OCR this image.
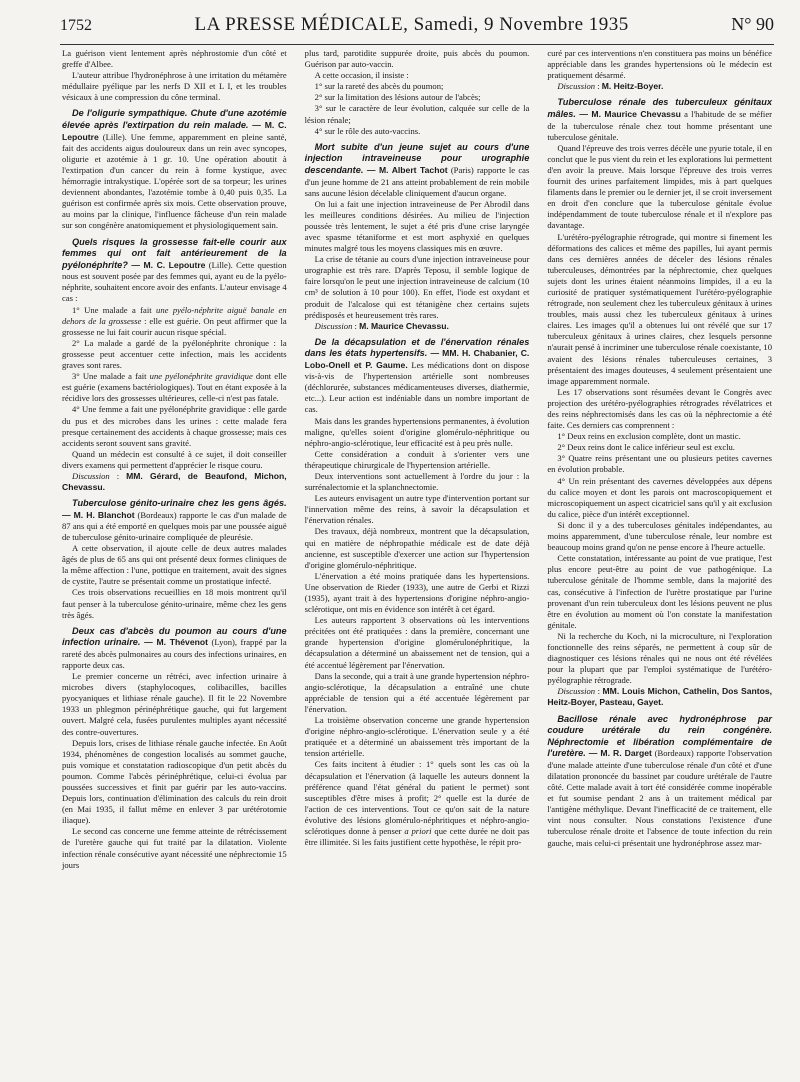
1752	LA PRESSE MÉDICALE, Samedi, 9 Novembre 1935	N° 90

La guérison vient lentement après néphrostomie d'un côté et greffe d'Albee.

L'auteur attribue l'hydronéphrose à une irritation du métamère médullaire pyélique par les nerfs D XII et L I, et les troubles vésicaux à une compression du cône terminal.

De l'oligurie sympathique. Chute d'une azotémie élevée après l'extirpation du rein malade. — M. C. Lepoutre (Lille). Une femme, apparemment en pleine santé, fait des accidents aigus douloureux dans un rein avec syncopes, oligurie et azotémie à 1 gr. 10. Une opération aboutit à l'extirpation d'un cancer du rein à forme kystique, avec hémorragie intrakystique. L'opérée sort de sa torpeur; les urines deviennent abondantes, l'azotémie tombe à 0,40 puis 0,35. La guérison est confirmée après six mois. Cette observation prouve, au moins par la clinique, l'influence fâcheuse d'un rein malade sur son congénère anatomiquement et physiologiquement sain.

Quels risques la grossesse fait-elle courir aux femmes qui ont fait antérieurement de la pyélonéphrite? — M. C. Lepoutre (Lille). Cette question nous est souvent posée par des femmes qui, ayant eu de la pyélo-néphrite, souhaitent encore avoir des enfants. L'auteur envisage 4 cas :

1° Une malade a fait une pyélo-néphrite aiguë banale en dehors de la grossesse : elle est guérie. On peut affirmer que la grossesse ne lui fait courir aucun risque spécial.

2° La malade a gardé de la pyélonéphrite chronique : la grossesse peut accentuer cette infection, mais les accidents graves sont rares.

3° Une malade a fait une pyélonéphrite gravidique dont elle est guérie (examens bactériologiques). Tout en étant exposée à la récidive lors des grossesses ultérieures, celle-ci n'est pas fatale.

4° Une femme a fait une pyélonéphrite gravidique : elle garde du pus et des microbes dans les urines : cette malade fera presque certainement des accidents à chaque grossesse; mais ces accidents seront souvent sans gravité.

Quand un médecin est consulté à ce sujet, il doit conseiller divers examens qui permettent d'apprécier le risque couru.

Discussion : MM. Gérard, de Beaufond, Michon, Chevassu.

Tuberculose génito-urinaire chez les gens âgés. — M. H. Blanchot (Bordeaux) rapporte le cas d'un malade de 87 ans qui a été emporté en quelques mois par une poussée aiguë de tuberculose génito-urinaire compliquée de pleurésie.

A cette observation, il ajoute celle de deux autres malades âgés de plus de 65 ans qui ont présenté deux formes cliniques de la même affection : l'une, pottique en traitement, avait des signes de cystite, l'autre se présentait comme un prostatique infecté.

Ces trois observations recueillies en 18 mois montrent qu'il faut penser à la tuberculose génito-urinaire, même chez les gens très âgés.

Deux cas d'abcès du poumon au cours d'une infection urinaire. — M. Thévenot (Lyon), frappé par la rareté des abcès pulmonaires au cours des infections urinaires, en rapporte deux cas.

Le premier concerne un rétréci, avec infection urinaire à microbes divers (staphylocoques, colibacilles, bacilles pyocyaniques et lithiase rénale gauche). Il fit le 22 Novembre 1933 un phlegmon périnéphrétique gauche, qui fut largement ouvert. Malgré cela, fusées purulentes multiples ayant nécessité des contre-ouvertures.

Depuis lors, crises de lithiase rénale gauche infectée. En Août 1934, phénomènes de congestion localisés au sommet gauche, puis vomique et constatation radioscopique d'un petit abcès du poumon. Comme l'abcès périnéphrétique, celui-ci évolua par poussées successives et finit par guérir par les auto-vaccins. Depuis lors, continuation d'élimination des calculs du rein droit (en Mai 1935, il fallut même en enlever 3 par urétérotomie iliaque).

Le second cas concerne une femme atteinte de rétrécissement de l'uretère gauche qui fut traité par la dilatation. Violente infection rénale consécutive ayant nécessité une néphrectomie 15 jours

plus tard, parotidite suppurée droite, puis abcès du poumon. Guérison par auto-vaccin.

A cette occasion, il insiste :

1° sur la rareté des abcès du poumon;

2° sur la limitation des lésions autour de l'abcès;

3° sur le caractère de leur évolution, calquée sur celle de la lésion rénale;

4° sur le rôle des auto-vaccins.

Mort subite d'un jeune sujet au cours d'une injection intraveineuse pour urographie descendante. — M. Albert Tachot (Paris) rapporte le cas d'un jeune homme de 21 ans atteint probablement de rein mobile sans aucune lésion décelable cliniquement d'aucun organe.

On lui a fait une injection intraveineuse de Per Abrodil dans les meilleures conditions désirées. Au milieu de l'injection poussée très lentement, le sujet a été pris d'une crise laryngée avec spasme tétaniforme et est mort asphyxié en quelques minutes malgré tous les moyens classiques mis en œuvre.

La crise de tétanie au cours d'une injection intraveineuse pour urographie est très rare. D'après Teposu, il semble logique de faire lorsqu'on le peut une injection intraveineuse de calcium (10 cm³ de solution à 10 pour 100). En effet, l'iode est oxydant et produit de l'alcalose qui est tétanigène chez certains sujets prédisposés et heureusement très rares.

Discussion : M. Maurice Chevassu.

De la décapsulation et de l'énervation rénales dans les états hypertensifs. — MM. H. Chabanier, C. Lobo-Onell et P. Gaume. Les médications dont on dispose vis-à-vis de l'hypertension artérielle sont nombreuses (déchlorurée, substances médicamenteuses diverses, diathermie, etc...). Leur action est indéniable dans un nombre important de cas.

Mais dans les grandes hypertensions permanentes, à évolution maligne, qu'elles soient d'origine glomérulo-néphritique ou néphro-angio-sclérotique, leur efficacité est à peu près nulle.

Cette considération a conduit à s'orienter vers une thérapeutique chirurgicale de l'hypertension artérielle.

Deux interventions sont actuellement à l'ordre du jour : la surrénalectomie et la splanchnectomie.

Les auteurs envisagent un autre type d'intervention portant sur l'innervation même des reins, à savoir la décapsulation et l'énervation rénales.

Des travaux, déjà nombreux, montrent que la décapsulation, qui en matière de néphropathie médicale est de date déjà ancienne, est susceptible d'exercer une action sur l'hypertension d'origine glomérulo-néphritique.

L'énervation a été moins pratiquée dans les hypertensions. Une observation de Rieder (1933), une autre de Gerbi et Rizzi (1935), ayant trait à des hypertensions d'origine néphro-angio-sclérotique, ont mis en évidence son intérêt à cet égard.

Les auteurs rapportent 3 observations où les interventions précitées ont été pratiquées : dans la première, concernant une grande hypertension d'origine glomérulonéphritique, la décapsulation a déterminé un abaissement net de tension, qui a été accentué légèrement par l'énervation.

Dans la seconde, qui a trait à une grande hypertension néphro-angio-sclérotique, la décapsulation a entraîné une chute appréciable de tension qui a été accentuée légèrement par l'énervation.

La troisième observation concerne une grande hypertension d'origine néphro-angio-sclérotique. L'énervation seule y a été pratiquée et a déterminé un abaissement très important de la tension artérielle.

Ces faits incitent à étudier : 1° quels sont les cas où la décapsulation et l'énervation (à laquelle les auteurs donnent la préférence quand l'état général du patient le permet) sont susceptibles d'être mises à profit; 2° quelle est la durée de l'action de ces interventions. Tout ce qu'on sait de la nature évolutive des lésions glomérulo-néphritiques et néphro-angio-sclérotiques donne à penser a priori que cette durée ne doit pas être illimitée. Si les faits justifient cette hypothèse, le répit pro-

curé par ces interventions n'en constituera pas moins un bénéfice appréciable dans les grandes hypertensions où le médecin est pratiquement désarmé.

Discussion : M. Heitz-Boyer.

Tuberculose rénale des tuberculeux génitaux mâles. — M. Maurice Chevassu a l'habitude de se méfier de la tuberculose rénale chez tout homme présentant une tuberculose génitale.

Quand l'épreuve des trois verres décèle une pyurie totale, il en conclut que le pus vient du rein et les explorations lui permettent d'en avoir la preuve. Mais lorsque l'épreuve des trois verres fournit des urines parfaitement limpides, mis à part quelques filaments dans le premier ou le dernier jet, il se croit inversement en droit d'en conclure que la tuberculose génitale évolue indépendamment de toute tuberculose rénale et il n'explore pas davantage.

L'urétéro-pyélographie rétrograde, qui montre si finement les déformations des calices et même des papilles, lui ayant permis dans ces dernières années de déceler des lésions rénales tuberculeuses, démontrées par la néphrectomie, chez quelques sujets dont les urines étaient néanmoins limpides, il a eu la curiosité de pratiquer systématiquement l'urétéro-pyélographie rétrograde, non seulement chez les tuberculeux génitaux à urines troubles, mais aussi chez les tuberculeux génitaux à urines claires. Les images qu'il a obtenues lui ont révélé que sur 17 tuberculeux génitaux à urines claires, chez lesquels personne n'aurait pensé à incriminer une tuberculose rénale coexistante, 10 avaient des lésions rénales tuberculeuses certaines, 3 présentaient des images douteuses, 4 seulement présentaient une image apparemment normale.

Les 17 observations sont résumées devant le Congrès avec projection des urétéro-pyélographies rétrogrades révélatrices et des reins néphrectomisés dans les cas où la néphrectomie a été faite. Ces derniers cas comprennent :

1° Deux reins en exclusion complète, dont un mastic.

2° Deux reins dont le calice inférieur seul est exclu.

3° Quatre reins présentant une ou plusieurs petites cavernes en évolution probable.

4° Un rein présentant des cavernes développées aux dépens du calice moyen et dont les parois ont macroscopiquement et microscopiquement un aspect cicatriciel sans qu'il y ait exclusion du calice, pièce d'un intérêt exceptionnel.

Si donc il y a des tuberculoses génitales indépendantes, au moins apparemment, d'une tuberculose rénale, leur nombre est beaucoup moins grand qu'on ne pense encore à l'heure actuelle.

Cette constatation, intéressante au point de vue pratique, l'est plus encore peut-être au point de vue pathogénique. La tuberculose génitale de l'homme semble, dans la majorité des cas, consécutive à l'infection de l'urètre prostatique par l'urine provenant d'un rein tuberculeux dont les lésions peuvent ne plus être en évolution au moment où l'on constate la manifestation génitale.

Ni la recherche du Koch, ni la microculture, ni l'exploration fonctionnelle des reins séparés, ne permettent à coup sûr de diagnostiquer ces lésions rénales qui ne nous ont été révélées pour la plupart que par l'emploi systématique de l'urétéro-pyélographie rétrograde.

Discussion : MM. Louis Michon, Cathelin, Dos Santos, Heitz-Boyer, Pasteau, Gayet.

Bacillose rénale avec hydronéphrose par coudure urétérale du rein congénère. Néphrectomie et libération complémentaire de l'uretère. — M. R. Darget (Bordeaux) rapporte l'observation d'une malade atteinte d'une tuberculose rénale d'un côté et d'une dilatation prononcée du bassinet par coudure urétérale de l'autre côté. Cette malade avait à tort été considérée comme inopérable et fut soumise pendant 2 ans à un traitement médical par l'antigène méthylique. Devant l'inefficacité de ce traitement, elle vint nous consulter. Nous constations l'existence d'une tuberculose rénale droite et l'absence de toute infection du rein gauche, mais celui-ci présentait une hydronéphrose assez mar-
